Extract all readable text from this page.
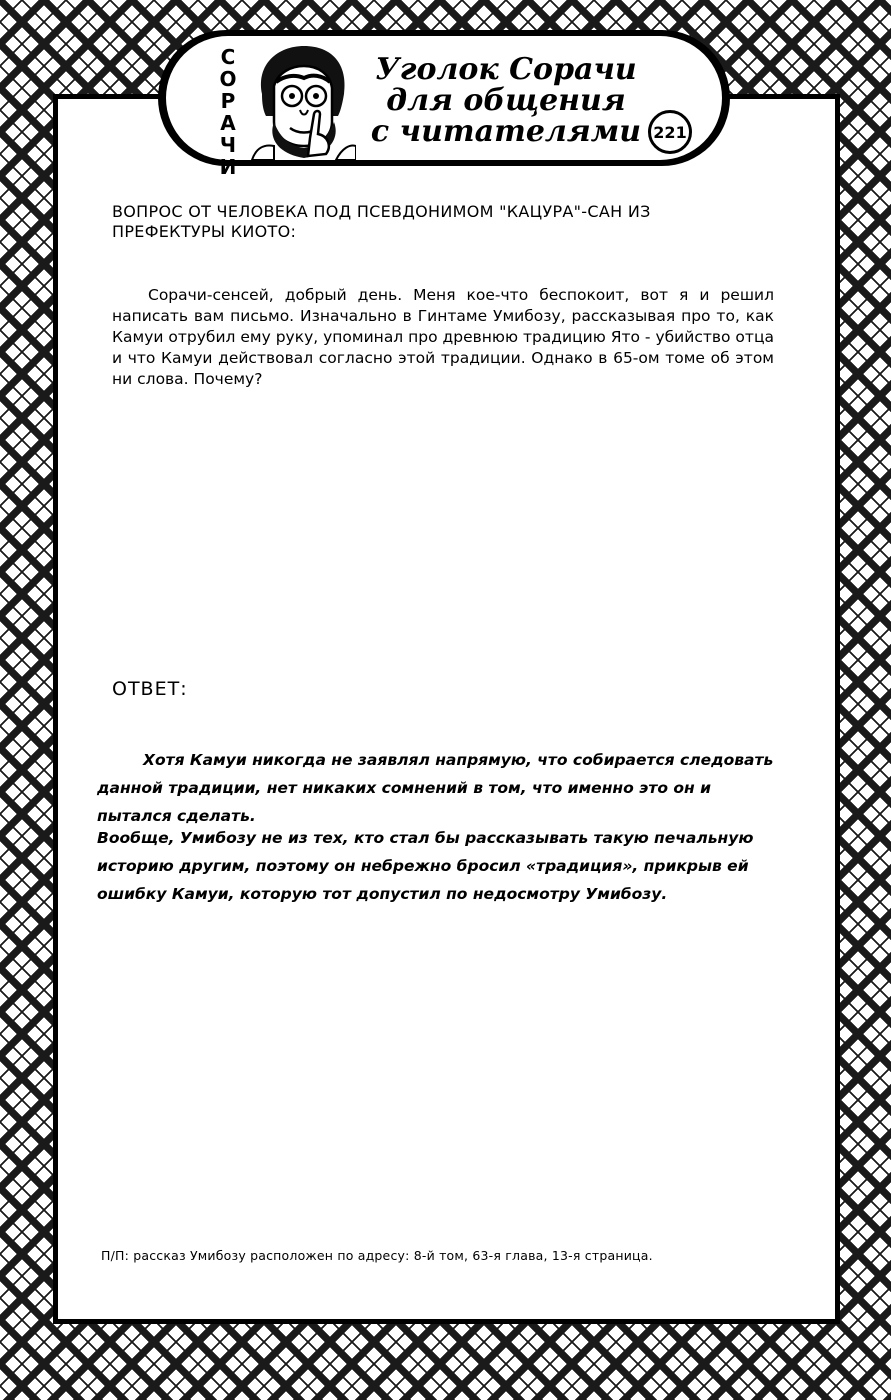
С
О
Р
А
Ч
И
Уголок Сорачи
для общения
с читателями 221
ВОПРОС ОТ ЧЕЛОВЕКА ПОД ПСЕВДОНИМОМ "КАЦУРА"-САН ИЗ ПРЕФЕКТУРЫ КИОТО:
Сорачи-сенсей, добрый день. Меня кое-что беспокоит, вот я и решил написать вам письмо. Изначально в Гинтаме Умибозу, рассказывая про то, как Камуи отрубил ему руку, упоминал про древнюю традицию Ято - убийство отца и что Камуи действовал согласно этой традиции. Однако в 65-ом томе об этом ни слова. Почему?
ОТВЕТ:
Хотя Камуи никогда не заявлял напрямую, что собирается следовать данной традиции, нет никаких сомнений в том, что именно это он и пытался сделать.
Вообще, Умибозу не из тех, кто стал бы рассказывать такую печальную историю другим, поэтому он небрежно бросил «традиция», прикрыв ей ошибку Камуи, которую тот допустил по недосмотру Умибозу.
П/П: рассказ Умибозу расположен по адресу: 8-й том, 63-я глава, 13-я страница.
